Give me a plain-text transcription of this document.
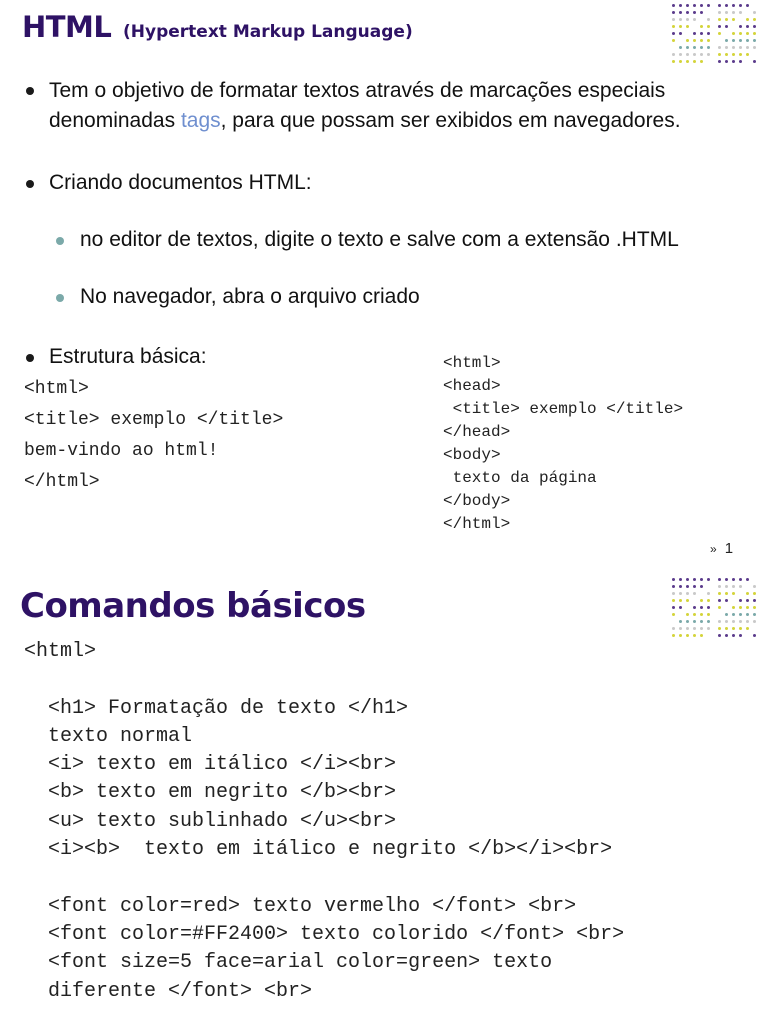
HTML (Hypertext Markup Language)
Tem o objetivo de formatar textos através de marcações especiais
denominadas tags, para que possam ser exibidos em navegadores.
Criando documentos HTML:
no editor de textos, digite o texto e salve com a extensão .HTML
No navegador, abra o arquivo criado
Estrutura básica:
<html>
<title> exemplo </title>
bem-vindo ao html!
</html>
<html>
<head>
<title> exemplo </title>
</head>
<body>
texto da página
</body>
</html>
» 1
Comandos básicos
<html>

<h1> Formatação de texto </h1>
texto normal
<i> texto em itálico </i><br>
<b> texto em negrito </b><br>
<u> texto sublinhado </u><br>
<i><b>  texto em itálico e negrito </b></i><br>

<font color=red> texto vermelho </font> <br>
<font color=#FF2400> texto colorido </font> <br>
<font size=5 face=arial color=green> texto
diferente </font> <br>
